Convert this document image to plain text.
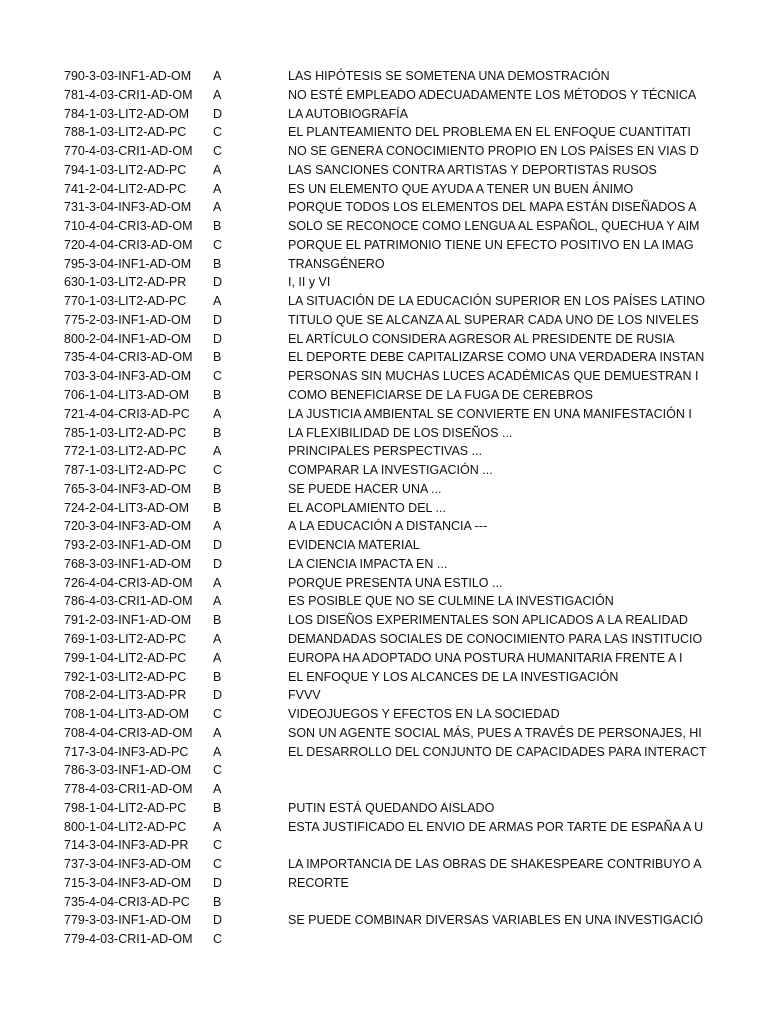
790-3-03-INF1-AD-OM	A	LAS HIPÓTESIS SE SOMETENA UNA DEMOSTRACIÓN
781-4-03-CRI1-AD-OM	A	NO ESTÉ EMPLEADO ADECUADAMENTE LOS MÉTODOS Y TÉCNICA
784-1-03-LIT2-AD-OM	D	LA AUTOBIOGRAFÍA
788-1-03-LIT2-AD-PC	C	EL PLANTEAMIENTO DEL PROBLEMA EN EL ENFOQUE CUANTITATI
770-4-03-CRI1-AD-OM	C	NO SE GENERA CONOCIMIENTO PROPIO EN LOS PAÍSES EN VIAS D
794-1-03-LIT2-AD-PC	A	LAS SANCIONES CONTRA ARTISTAS Y DEPORTISTAS RUSOS
741-2-04-LIT2-AD-PC	A	ES UN ELEMENTO QUE AYUDA A TENER UN BUEN ÁNIMO
731-3-04-INF3-AD-OM	A	PORQUE TODOS LOS ELEMENTOS DEL MAPA ESTÁN DISEÑADOS A
710-4-04-CRI3-AD-OM	B	SOLO SE RECONOCE COMO LENGUA AL ESPAÑOL, QUECHUA Y AIM
720-4-04-CRI3-AD-OM	C	PORQUE EL PATRIMONIO TIENE UN EFECTO POSITIVO EN LA IMAG
795-3-04-INF1-AD-OM	B	TRANSGÉNERO
630-1-03-LIT2-AD-PR	D	I, II y VI
770-1-03-LIT2-AD-PC	A	LA SITUACIÓN DE LA EDUCACIÓN SUPERIOR EN LOS PAÍSES LATINO
775-2-03-INF1-AD-OM	D	TITULO QUE SE ALCANZA AL SUPERAR CADA UNO DE LOS NIVELES
800-2-04-INF1-AD-OM	D	EL ARTÍCULO CONSIDERA AGRESOR AL PRESIDENTE DE RUSIA
735-4-04-CRI3-AD-OM	B	EL DEPORTE DEBE CAPITALIZARSE COMO UNA VERDADERA INSTAN
703-3-04-INF3-AD-OM	C	PERSONAS SIN MUCHAS LUCES ACADÉMICAS QUE DEMUESTRAN I
706-1-04-LIT3-AD-OM	B	COMO BENEFICIARSE DE LA FUGA DE CEREBROS
721-4-04-CRI3-AD-PC	A	LA JUSTICIA AMBIENTAL SE CONVIERTE EN UNA MANIFESTACIÓN I
785-1-03-LIT2-AD-PC	B	LA FLEXIBILIDAD DE LOS DISEÑOS ...
772-1-03-LIT2-AD-PC	A	PRINCIPALES PERSPECTIVAS ...
787-1-03-LIT2-AD-PC	C	COMPARAR LA INVESTIGACIÓN ...
765-3-04-INF3-AD-OM	B	SE PUEDE HACER UNA ...
724-2-04-LIT3-AD-OM	B	EL ACOPLAMIENTO DEL ...
720-3-04-INF3-AD-OM	A	A LA EDUCACIÓN A DISTANCIA ---
793-2-03-INF1-AD-OM	D	EVIDENCIA MATERIAL
768-3-03-INF1-AD-OM	D	LA CIENCIA IMPACTA EN ...
726-4-04-CRI3-AD-OM	A	PORQUE PRESENTA UNA ESTILO ...
786-4-03-CRI1-AD-OM	A	ES POSIBLE QUE NO SE CULMINE LA INVESTIGACIÓN
791-2-03-INF1-AD-OM	B	LOS DISEÑOS EXPERIMENTALES SON APLICADOS A LA REALIDAD
769-1-03-LIT2-AD-PC	A	DEMANDADAS SOCIALES DE CONOCIMIENTO PARA LAS INSTITUCIO
799-1-04-LIT2-AD-PC	A	EUROPA HA ADOPTADO UNA POSTURA HUMANITARIA FRENTE A I
792-1-03-LIT2-AD-PC	B	EL ENFOQUE Y LOS ALCANCES DE LA INVESTIGACIÓN
708-2-04-LIT3-AD-PR	D	FVVV
708-1-04-LIT3-AD-OM	C	VIDEOJUEGOS Y EFECTOS EN LA SOCIEDAD
708-4-04-CRI3-AD-OM	A	SON UN AGENTE SOCIAL MÁS, PUES A TRAVÉS DE PERSONAJES, HI
717-3-04-INF3-AD-PC	A	EL DESARROLLO DEL CONJUNTO DE CAPACIDADES PARA INTERACT
786-3-03-INF1-AD-OM	C
778-4-03-CRI1-AD-OM	A
798-1-04-LIT2-AD-PC	B	PUTIN ESTÁ QUEDANDO AISLADO
800-1-04-LIT2-AD-PC	A	ESTA JUSTIFICADO EL ENVIO DE ARMAS POR TARTE DE ESPAÑA A U
714-3-04-INF3-AD-PR	C
737-3-04-INF3-AD-OM	C	LA IMPORTANCIA DE LAS OBRAS DE SHAKESPEARE CONTRIBUYO A
715-3-04-INF3-AD-OM	D	RECORTE
735-4-04-CRI3-AD-PC	B
779-3-03-INF1-AD-OM	D	SE PUEDE COMBINAR DIVERSAS VARIABLES EN UNA INVESTIGACIÓ
779-4-03-CRI1-AD-OM	C
